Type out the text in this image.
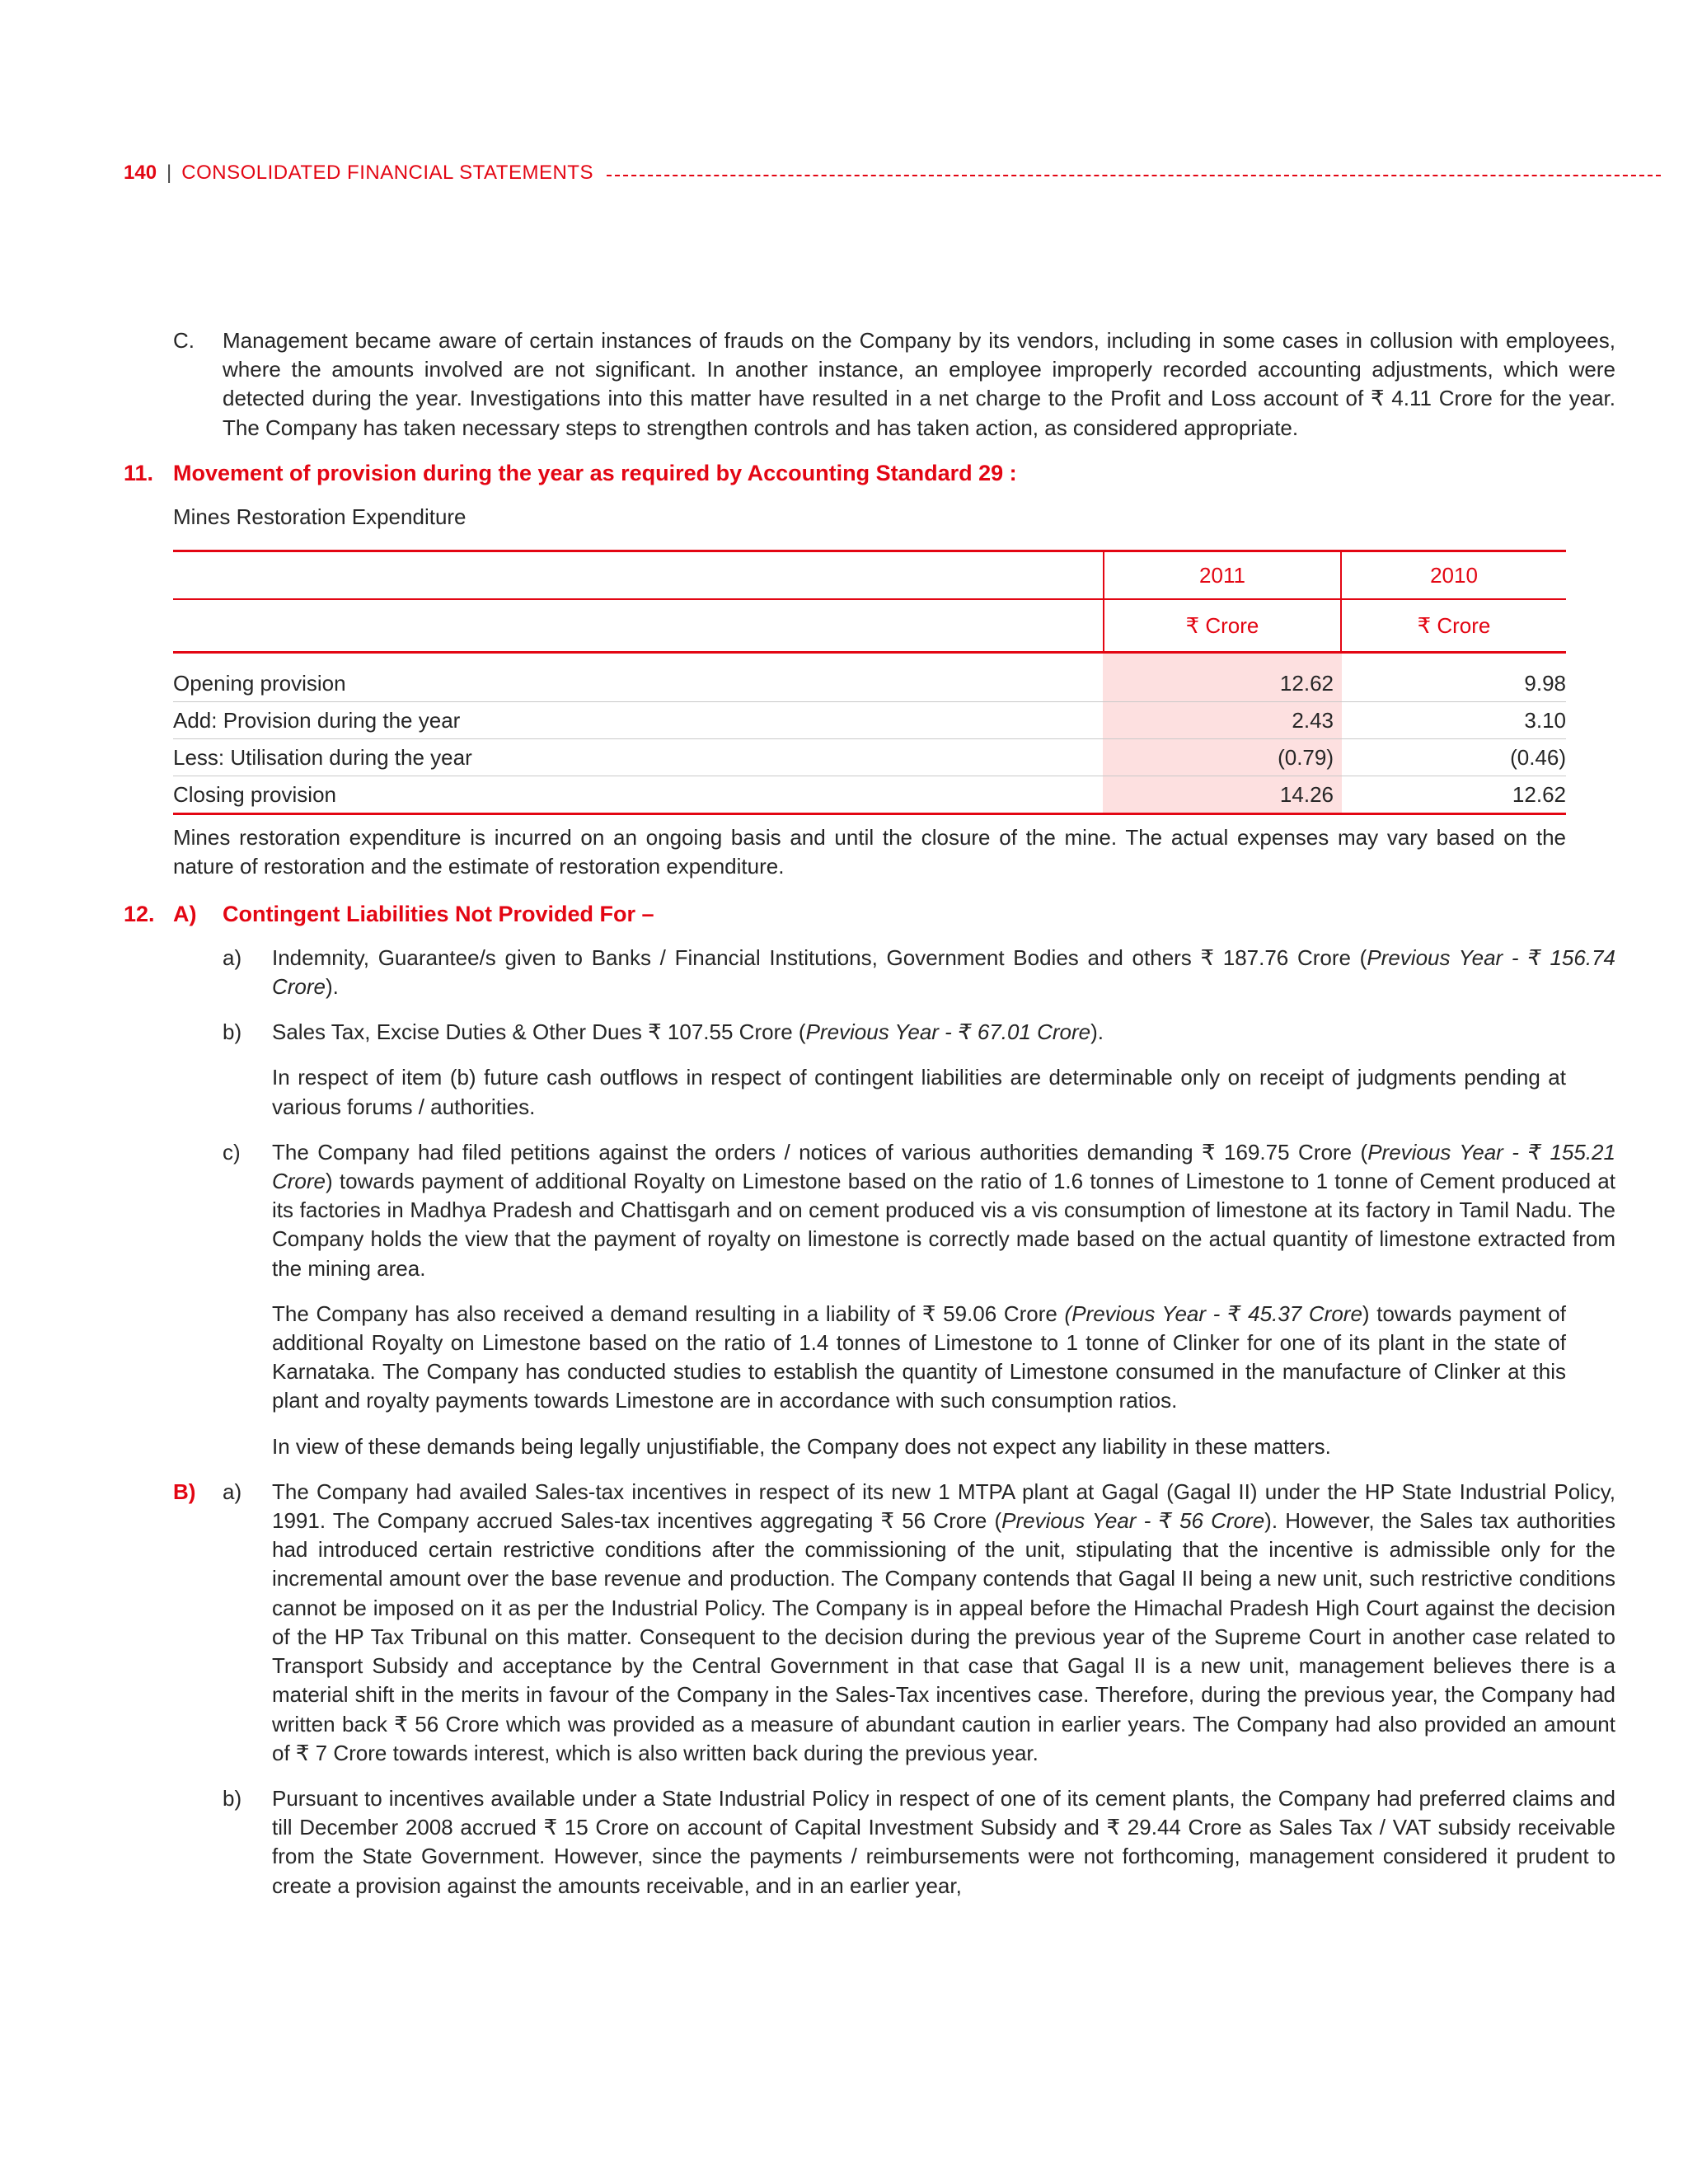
140 | CONSOLIDATED FINANCIAL STATEMENTS
C.	Management became aware of certain instances of frauds on the Company by its vendors, including in some cases in collusion with employees, where the amounts involved are not significant. In another instance, an employee improperly recorded accounting adjustments, which were detected during the year. Investigations into this matter have resulted in a net charge to the Profit and Loss account of ₹ 4.11 Crore for the year. The Company has taken necessary steps to strengthen controls and has taken action, as considered appropriate.

11. Movement of provision during the year as required by Accounting Standard 29 :
Mines Restoration Expenditure
2011	2010
₹ Crore	₹ Crore
Opening provision	12.62	9.98
Add: Provision during the year	2.43	3.10
Less: Utilisation during the year	(0.79)	(0.46)
Closing provision	14.26	12.62

Mines restoration expenditure is incurred on an ongoing basis and until the closure of the mine. The actual expenses may vary based on the nature of restoration and the estimate of restoration expenditure.

12. A)	Contingent Liabilities Not Provided For –
a)	Indemnity, Guarantee/s given to Banks / Financial Institutions, Government Bodies and others ₹ 187.76 Crore (Previous Year - ₹ 156.74 Crore).

b)	Sales Tax, Excise Duties & Other Dues ₹ 107.55 Crore (Previous Year - ₹ 67.01 Crore).

In respect of item (b) future cash outflows in respect of contingent liabilities are determinable only on receipt of judgments pending at various forums / authorities.

c)	The Company had filed petitions against the orders / notices of various authorities demanding ₹ 169.75 Crore (Previous Year - ₹ 155.21 Crore) towards payment of additional Royalty on Limestone based on the ratio of 1.6 tonnes of Limestone to 1 tonne of Cement produced at its factories in Madhya Pradesh and Chattisgarh and on cement produced vis a vis consumption of limestone at its factory in Tamil Nadu. The Company holds the view that the payment of royalty on limestone is correctly made based on the actual quantity of limestone extracted from the mining area.

The Company has also received a demand resulting in a liability of ₹ 59.06 Crore (Previous Year - ₹ 45.37 Crore) towards payment of additional Royalty on Limestone based on the ratio of 1.4 tonnes of Limestone to 1 tonne of Clinker for one of its plant in the state of Karnataka. The Company has conducted studies to establish the quantity of Limestone consumed in the manufacture of Clinker at this plant and royalty payments towards Limestone are in accordance with such consumption ratios.

In view of these demands being legally unjustifiable, the Company does not expect any liability in these matters.

B)	a)	The Company had availed Sales-tax incentives in respect of its new 1 MTPA plant at Gagal (Gagal II) under the HP State Industrial Policy, 1991. The Company accrued Sales-tax incentives aggregating ₹ 56 Crore (Previous Year - ₹ 56 Crore). However, the Sales tax authorities had introduced certain restrictive conditions after the commissioning of the unit, stipulating that the incentive is admissible only for the incremental amount over the base revenue and production. The Company contends that Gagal II being a new unit, such restrictive conditions cannot be imposed on it as per the Industrial Policy. The Company is in appeal before the Himachal Pradesh High Court against the decision of the HP Tax Tribunal on this matter. Consequent to the decision during the previous year of the Supreme Court in another case related to Transport Subsidy and acceptance by the Central Government in that case that Gagal II is a new unit, management believes there is a material shift in the merits in favour of the Company in the Sales-Tax incentives case. Therefore, during the previous year, the Company had written back ₹ 56 Crore which was provided as a measure of abundant caution in earlier years. The Company had also provided an amount of ₹ 7 Crore towards interest, which is also written back during the previous year.

b)	Pursuant to incentives available under a State Industrial Policy in respect of one of its cement plants, the Company had preferred claims and till December 2008 accrued ₹ 15 Crore on account of Capital Investment Subsidy and ₹ 29.44 Crore as Sales Tax / VAT subsidy receivable from the State Government. However, since the payments / reimbursements were not forthcoming, management considered it prudent to create a provision against the amounts receivable, and in an earlier year,
